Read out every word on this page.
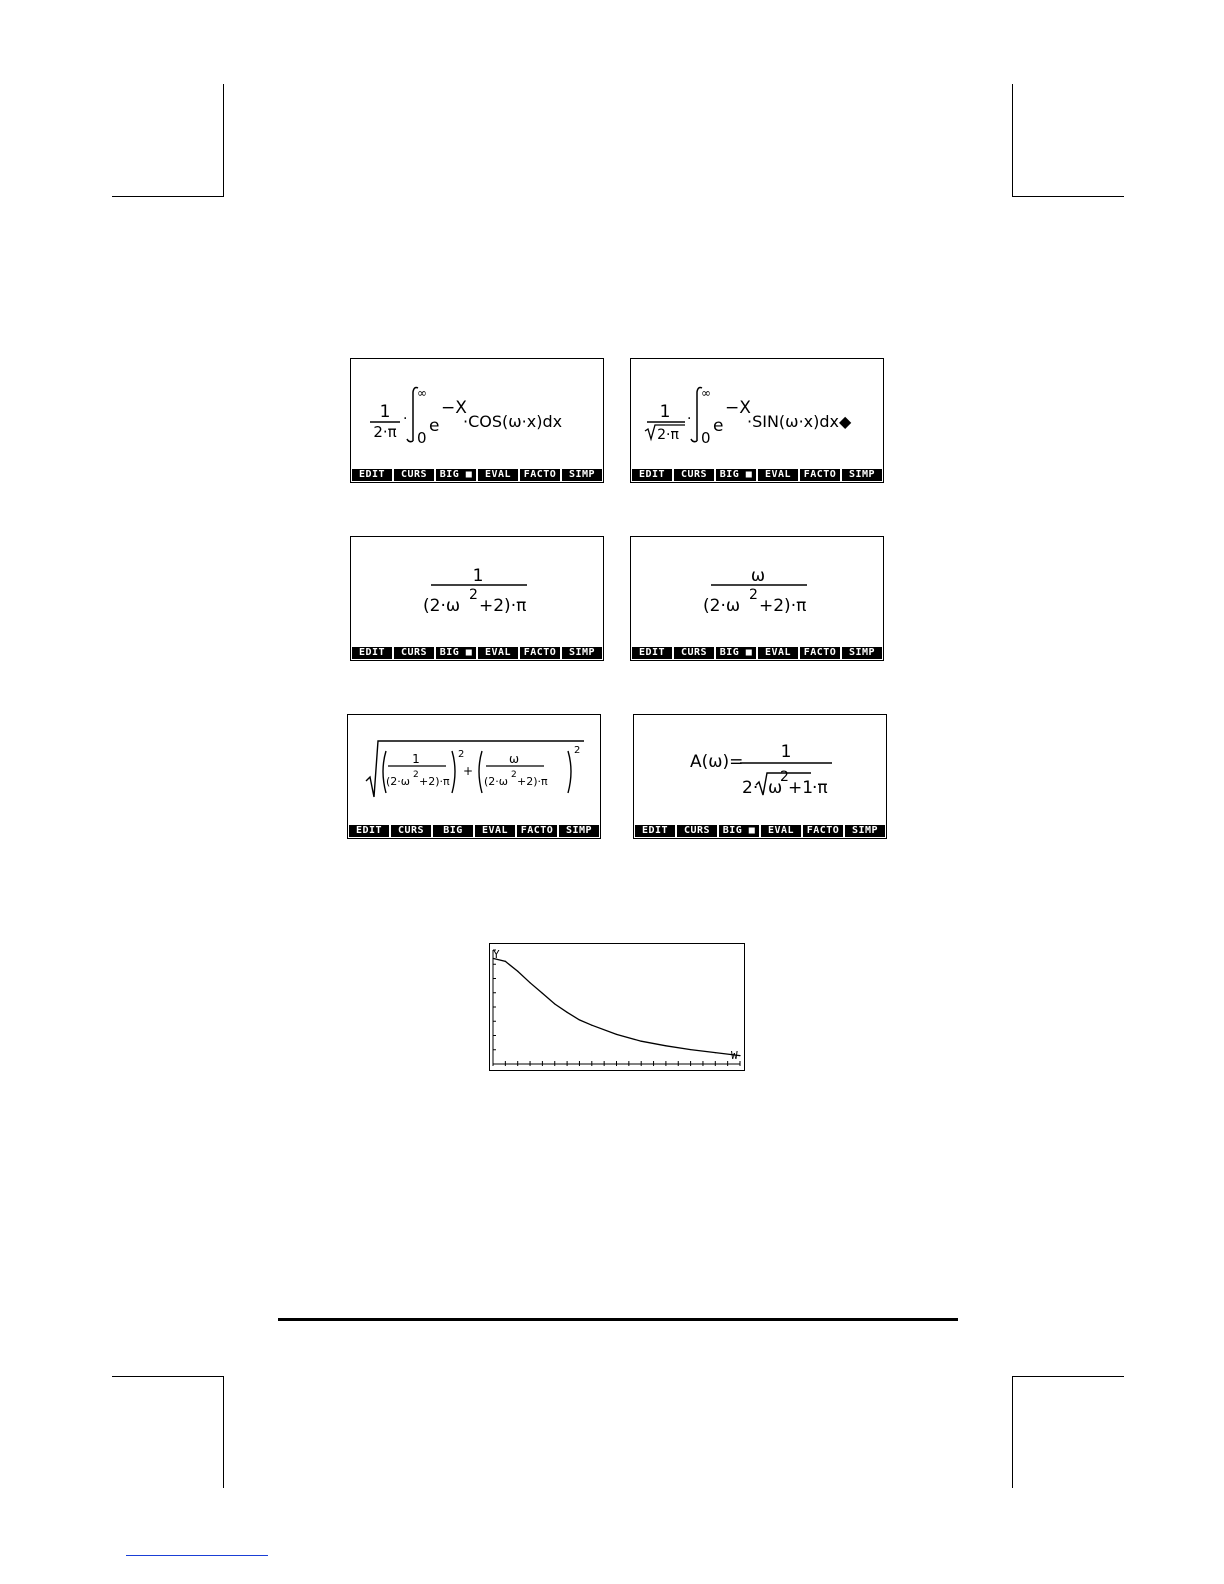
1
2·π
·
∞
0
e
−X
·COS(ω·x)dx
EDIT	CURS	BIG ■	EVAL	FACTO	SIMP
1
2·π
·
∞
0
e
−X
·SIN(ω·x)dx◆
EDIT	CURS	BIG ■	EVAL	FACTO	SIMP
1
(2·ω
2
+2)·π
EDIT	CURS	BIG ■	EVAL	FACTO	SIMP
ω
(2·ω
2
+2)·π
EDIT	CURS	BIG ■	EVAL	FACTO	SIMP
1
(2·ω 2 +2)·π
2
+
ω
(2·ω 2 +2)·π
2
EDIT	CURS	BIG	EVAL	FACTO	SIMP
A(ω)= 1
2· ω
2
+1
·π
EDIT	CURS	BIG ■	EVAL	FACTO	SIMP
Y
W
